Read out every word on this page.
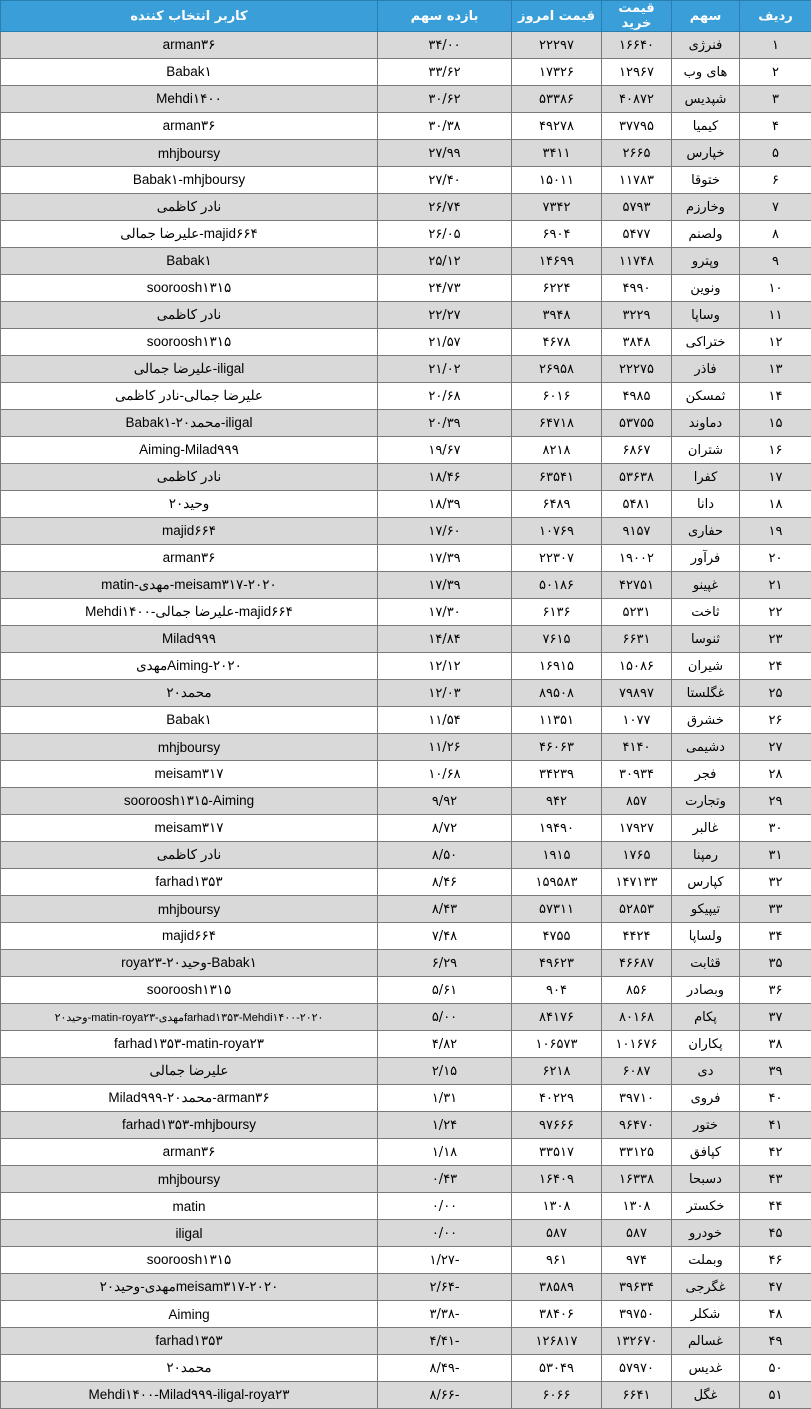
ردیف	سهم	قیمت خرید	قیمت امروز	بازده سهم	کاربر انتخاب کننده
۱	فنرژی	۱۶۶۴۰	۲۲۲۹۷	۳۴/۰۰	arman۳۶
۲	های وب	۱۲۹۶۷	۱۷۳۲۶	۳۳/۶۲	Babak۱
۳	شپدیس	۴۰۸۷۲	۵۳۳۸۶	۳۰/۶۲	Mehdi۱۴۰۰
۴	کیمیا	۳۷۷۹۵	۴۹۲۷۸	۳۰/۳۸	arman۳۶
۵	خپارس	۲۶۶۵	۳۴۱۱	۲۷/۹۹	mhjboursy
۶	ختوقا	۱۱۷۸۳	۱۵۰۱۱	۲۷/۴۰	Babak۱-mhjboursy
۷	وخارزم	۵۷۹۳	۷۳۴۲	۲۶/۷۴	نادر کاظمی
۸	ولصنم	۵۴۷۷	۶۹۰۴	۲۶/۰۵	majid۶۶۴-علیرضا جمالی
۹	وپترو	۱۱۷۴۸	۱۴۶۹۹	۲۵/۱۲	Babak۱
۱۰	ونوین	۴۹۹۰	۶۲۲۴	۲۴/۷۳	sooroosh۱۳۱۵
۱۱	وساپا	۳۲۲۹	۳۹۴۸	۲۲/۲۷	نادر کاظمی
۱۲	ختراکی	۳۸۴۸	۴۶۷۸	۲۱/۵۷	sooroosh۱۳۱۵
۱۳	فاذر	۲۲۲۷۵	۲۶۹۵۸	۲۱/۰۲	iligal-علیرضا جمالی
۱۴	ثمسکن	۴۹۸۵	۶۰۱۶	۲۰/۶۸	علیرضا جمالی-نادر کاظمی
۱۵	دماوند	۵۳۷۵۵	۶۴۷۱۸	۲۰/۳۹	iligal-محمد۲۰-Babak۱
۱۶	شتران	۶۸۶۷	۸۲۱۸	۱۹/۶۷	Aiming-Milad۹۹۹
۱۷	کفرا	۵۳۶۳۸	۶۳۵۴۱	۱۸/۴۶	نادر کاظمی
۱۸	دانا	۵۴۸۱	۶۴۸۹	۱۸/۳۹	وحید۲۰
۱۹	حفاری	۹۱۵۷	۱۰۷۶۹	۱۷/۶۰	majid۶۶۴
۲۰	فرآور	۱۹۰۰۲	۲۲۳۰۷	۱۷/۳۹	arman۳۶
۲۱	غپینو	۴۲۷۵۱	۵۰۱۸۶	۱۷/۳۹	meisam۳۱۷-۲۰۲۰-مهدی-matin
۲۲	ثاخت	۵۲۳۱	۶۱۳۶	۱۷/۳۰	majid۶۶۴-علیرضا جمالی-Mehdi۱۴۰۰
۲۳	ثنوسا	۶۶۳۱	۷۶۱۵	۱۴/۸۴	Milad۹۹۹
۲۴	شیران	۱۵۰۸۶	۱۶۹۱۵	۱۲/۱۲	Aiming-۲۰۲۰مهدی
۲۵	غگلستا	۷۹۸۹۷	۸۹۵۰۸	۱۲/۰۳	محمد۲۰
۲۶	خشرق	۱۰۷۷	۱۱۳۵۱	۱۱/۵۴	Babak۱
۲۷	دشیمی	۴۱۴۰	۴۶۰۶۳	۱۱/۲۶	mhjboursy
۲۸	فجر	۳۰۹۳۴	۳۴۲۳۹	۱۰/۶۸	meisam۳۱۷
۲۹	وتجارت	۸۵۷	۹۴۲	۹/۹۲	sooroosh۱۳۱۵-Aiming
۳۰	غالبر	۱۷۹۲۷	۱۹۴۹۰	۸/۷۲	meisam۳۱۷
۳۱	رمپنا	۱۷۶۵	۱۹۱۵	۸/۵۰	نادر کاظمی
۳۲	کپارس	۱۴۷۱۳۳	۱۵۹۵۸۳	۸/۴۶	farhad۱۳۵۳
۳۳	تیپیکو	۵۲۸۵۳	۵۷۳۱۱	۸/۴۳	mhjboursy
۳۴	ولساپا	۴۴۲۴	۴۷۵۵	۷/۴۸	majid۶۶۴
۳۵	قثابت	۴۶۶۸۷	۴۹۶۲۳	۶/۲۹	Babak۱-وحید۲۰-roya۲۳
۳۶	وبصادر	۸۵۶	۹۰۴	۵/۶۱	sooroosh۱۳۱۵
۳۷	پکام	۸۰۱۶۸	۸۴۱۷۶	۵/۰۰	farhad۱۳۵۳-Mehdi۱۴۰۰-۲۰۲۰مهدی-matin-roya۲۳-وحید۲۰
۳۸	پکاران	۱۰۱۶۷۶	۱۰۶۵۷۳	۴/۸۲	farhad۱۳۵۳-matin-roya۲۳
۳۹	دی	۶۰۸۷	۶۲۱۸	۲/۱۵	علیرضا جمالی
۴۰	فروی	۳۹۷۱۰	۴۰۲۲۹	۱/۳۱	arman۳۶-محمد۲۰-Milad۹۹۹
۴۱	ختور	۹۶۴۷۰	۹۷۶۶۶	۱/۲۴	farhad۱۳۵۳-mhjboursy
۴۲	کپافق	۳۳۱۲۵	۳۳۵۱۷	۱/۱۸	arman۳۶
۴۳	دسبحا	۱۶۳۳۸	۱۶۴۰۹	۰/۴۳	mhjboursy
۴۴	خکستر	۱۳۰۸	۱۳۰۸	۰/۰۰	matin
۴۵	خودرو	۵۸۷	۵۸۷	۰/۰۰	iligal
۴۶	وبملت	۹۷۴	۹۶۱	-۱/۲۷	sooroosh۱۳۱۵
۴۷	غگرجی	۳۹۶۳۴	۳۸۵۸۹	-۲/۶۴	meisam۳۱۷-۲۰۲۰مهدی-وحید۲۰
۴۸	شکلر	۳۹۷۵۰	۳۸۴۰۶	-۳/۳۸	Aiming
۴۹	غسالم	۱۳۲۶۷۰	۱۲۶۸۱۷	-۴/۴۱	farhad۱۳۵۳
۵۰	غدیس	۵۷۹۷۰	۵۳۰۴۹	-۸/۴۹	محمد۲۰
۵۱	غگل	۶۶۴۱	۶۰۶۶	-۸/۶۶	Mehdi۱۴۰۰-Milad۹۹۹-iligal-roya۲۳
